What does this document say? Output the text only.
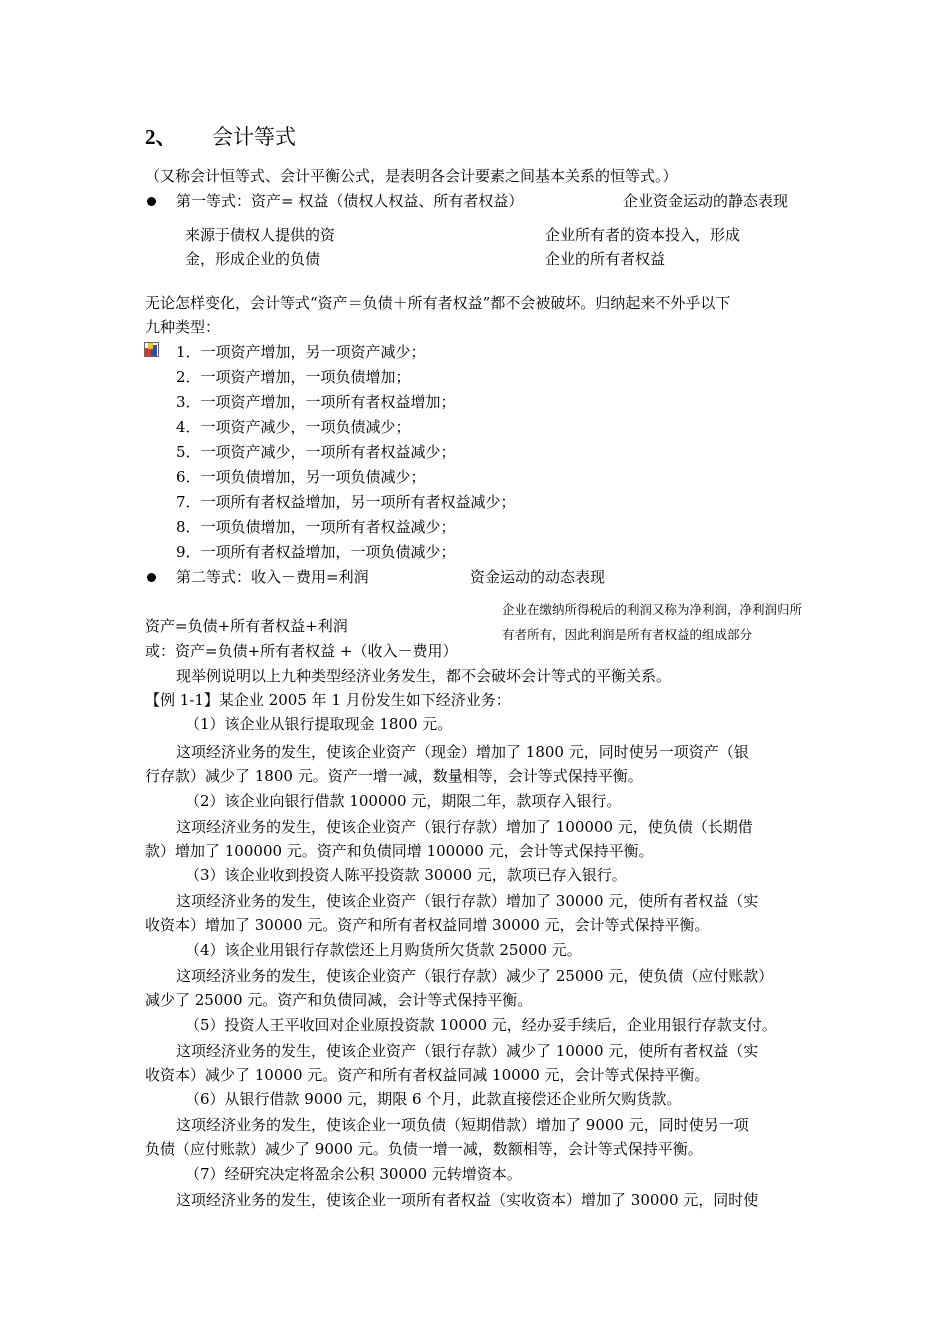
2、 会计等式
（又称会计恒等式、会计平衡公式，是表明各会计要素之间基本关系的恒等式。）
第一等式：资产= 权益（债权人权益、所有者权益）	企业资金运动的静态表现
来源于债权人提供的资
金，形成企业的负债
企业所有者的资本投入，形成
企业的所有者权益
无论怎样变化，会计等式“资产＝负债＋所有者权益”都不会被破坏。归纳起来不外乎以下
九种类型：
1．一项资产增加，另一项资产减少；
2．一项资产增加，一项负债增加；
3．一项资产增加，一项所有者权益增加；
4．一项资产减少，一项负债减少；
5．一项资产减少，一项所有者权益减少；
6．一项负债增加，另一项负债减少；
7．一项所有者权益增加，另一项所有者权益减少；
8．一项负债增加，一项所有者权益减少；
9．一项所有者权益增加，一项负债减少；
第二等式：收入－费用=利润	资金运动的动态表现
企业在缴纳所得税后的利润又称为净利润，净利润归所
有者所有，因此利润是所有者权益的组成部分
资产=负债+所有者权益+利润
或：资产=负债+所有者权益 +（收入－费用）
现举例说明以上九种类型经济业务发生，都不会破坏会计等式的平衡关系。
【例 1-1】某企业 2005 年 1 月份发生如下经济业务：
（1）该企业从银行提取现金 1800 元。
这项经济业务的发生，使该企业资产（现金）增加了 1800 元，同时使另一项资产（银
行存款）减少了 1800 元。资产一增一减，数量相等，会计等式保持平衡。
（2）该企业向银行借款 100000 元，期限二年，款项存入银行。
这项经济业务的发生，使该企业资产（银行存款）增加了 100000 元，使负债（长期借
款）增加了 100000 元。资产和负债同增 100000 元，会计等式保持平衡。
（3）该企业收到投资人陈平投资款 30000 元，款项已存入银行。
这项经济业务的发生，使该企业资产（银行存款）增加了 30000 元，使所有者权益（实
收资本）增加了 30000 元。资产和所有者权益同增 30000 元，会计等式保持平衡。
（4）该企业用银行存款偿还上月购货所欠货款 25000 元。
这项经济业务的发生，使该企业资产（银行存款）减少了 25000 元，使负债（应付账款）
减少了 25000 元。资产和负债同减，会计等式保持平衡。
（5）投资人王平收回对企业原投资款 10000 元，经办妥手续后，企业用银行存款支付。
这项经济业务的发生，使该企业资产（银行存款）减少了 10000 元，使所有者权益（实
收资本）减少了 10000 元。资产和所有者权益同减 10000 元，会计等式保持平衡。
（6）从银行借款 9000 元，期限 6 个月，此款直接偿还企业所欠购货款。
这项经济业务的发生，使该企业一项负债（短期借款）增加了 9000 元，同时使另一项
负债（应付账款）减少了 9000 元。负债一增一减，数额相等，会计等式保持平衡。
（7）经研究决定将盈余公积 30000 元转增资本。
这项经济业务的发生，使该企业一项所有者权益（实收资本）增加了 30000 元，同时使
